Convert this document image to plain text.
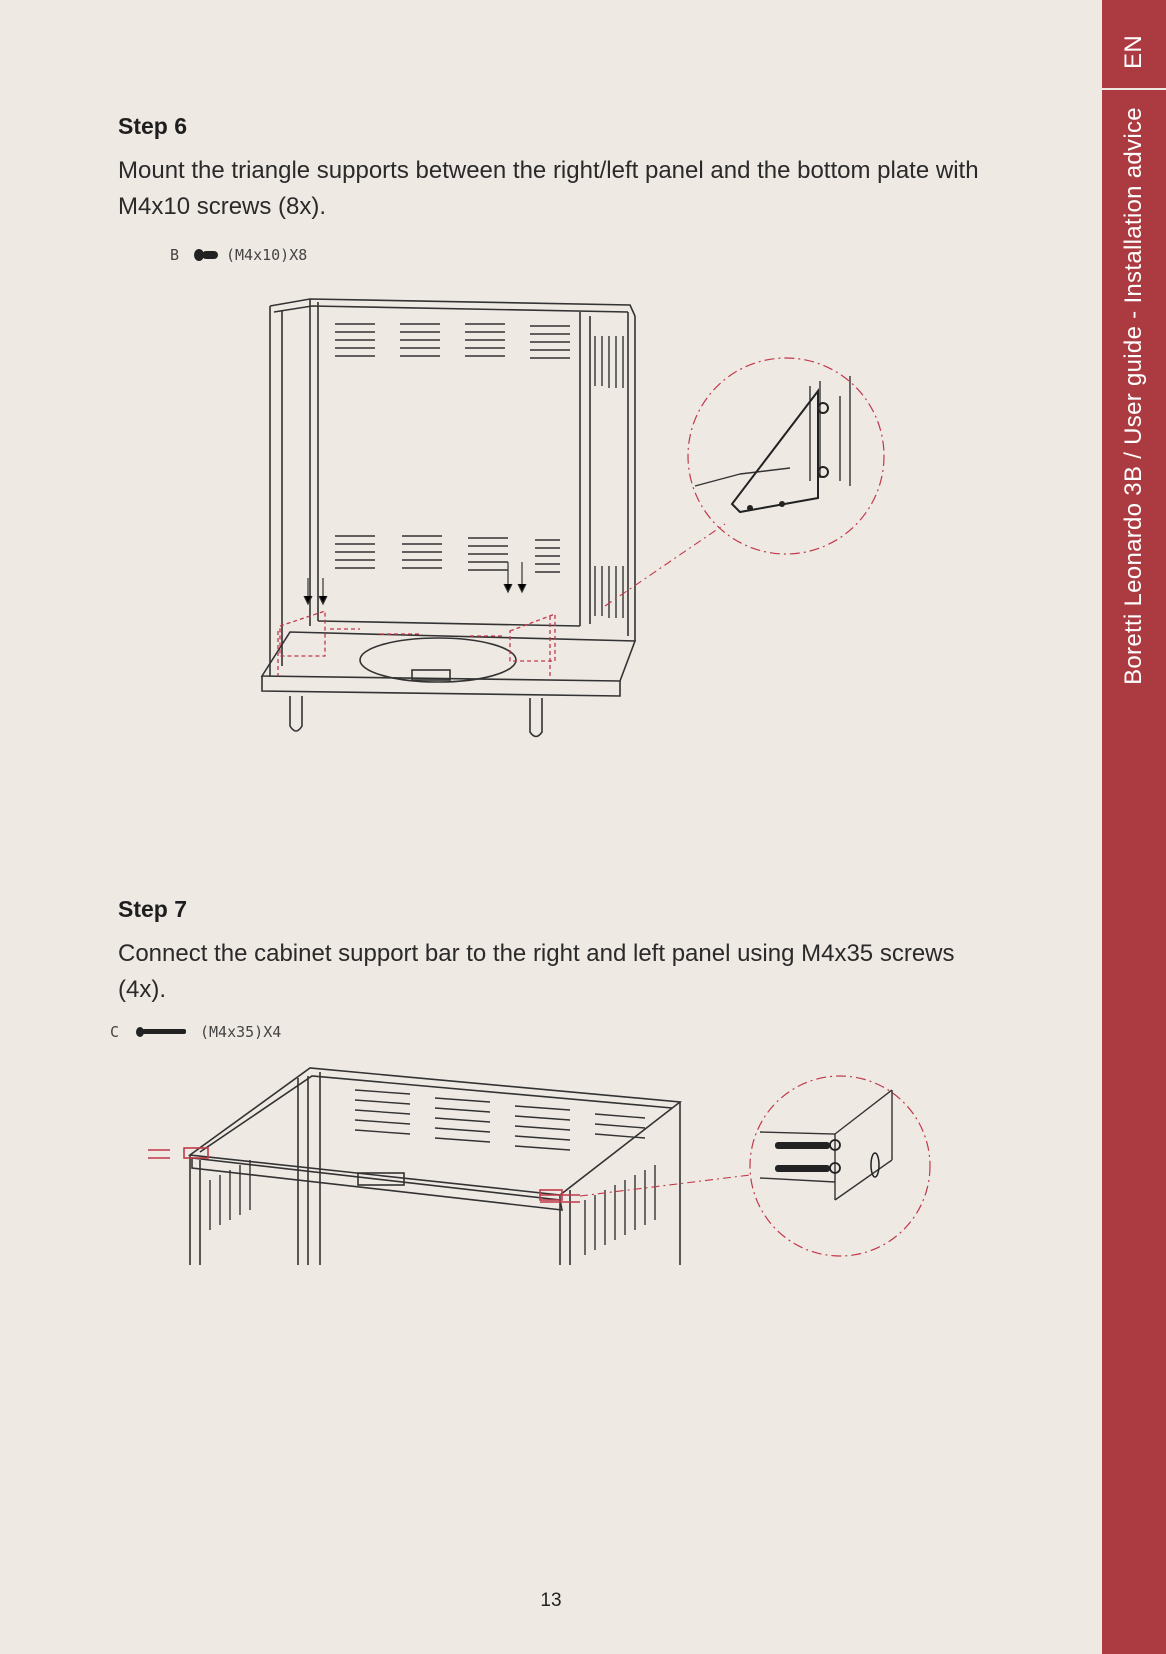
EN
Boretti Leonardo 3B / User guide - Installation advice
Step 6
Mount the triangle supports between the right/left panel and the bottom plate with M4x10 screws (8x).
B	(M4x10)X8
Step 7
Connect the cabinet support bar to the right and left panel using M4x35 screws (4x).
C	(M4x35)X4
13
